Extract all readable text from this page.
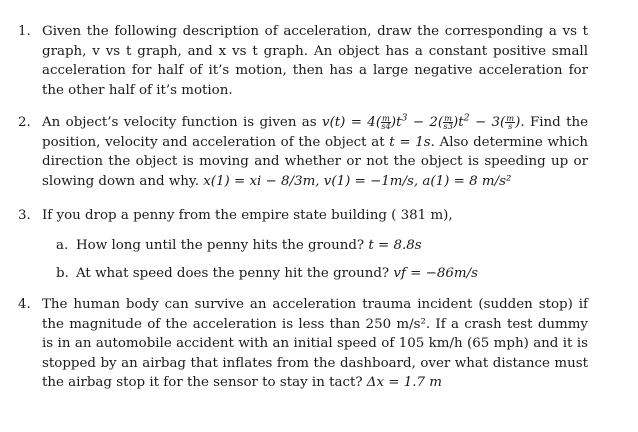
1. Given the following description of acceleration, draw the corresponding a vs t graph, v vs t graph, and x vs t graph. An object has a constant positive small acceleration for half of it’s motion, then has a large negative acceleration for the other half of it’s motion.
2. An object’s velocity function is given as $v(t) = 4( \frac{m}{s4} )t^3 - 2( \frac{m}{s3} )t^2 - 3( \frac{m}{s}$ ). Find the position, velocity and acceleration of the object at t = 1s. Also determine which direction the object is moving and whether or not the object is speeding up or slowing down and why. x(1) = xi − 8/3m, v(1) = −1m/s, a(1) = 8 m/s²
3. If you drop a penny from the empire state building ( 381 m),
a. How long until the penny hits the ground? t = 8.8s
b. At what speed does the penny hit the ground? vf = −86m/s
4. The human body can survive an acceleration trauma incident (sudden stop) if the magnitude of the acceleration is less than 250 m/s². If a crash test dummy is in an automobile accident with an initial speed of 105 km/h (65 mph) and it is stopped by an airbag that inflates from the dashboard, over what distance must the airbag stop it for the sensor to stay in tact? Δx = 1.7 m
